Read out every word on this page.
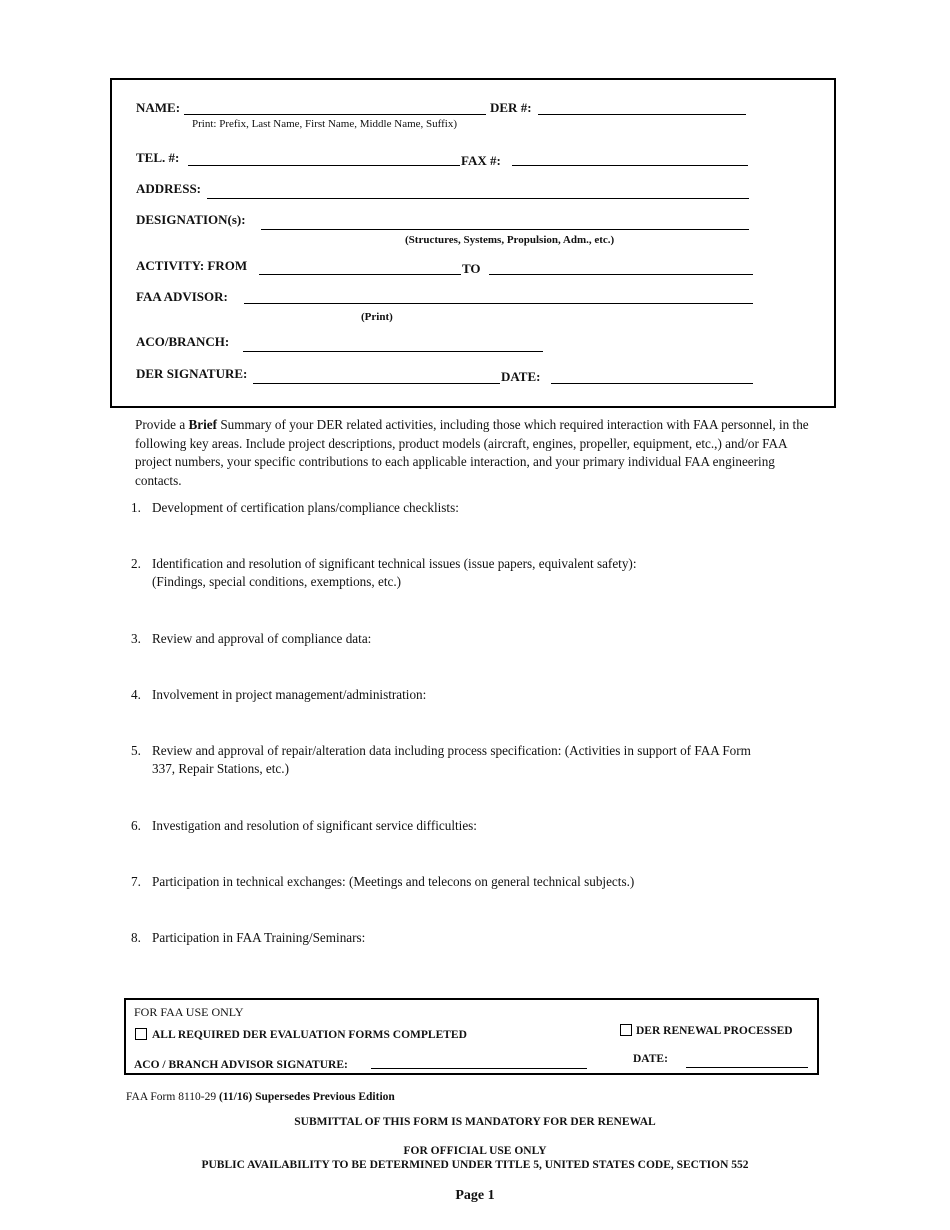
NAME:
Print: Prefix, Last Name, First Name, Middle Name, Suffix)
DER #:
TEL. #:	FAX #:
ADDRESS:
DESIGNATION(s):
(Structures, Systems, Propulsion, Adm., etc.)
ACTIVITY: FROM	TO
FAA ADVISOR:
(Print)
ACO/BRANCH:
DER SIGNATURE:	DATE:
Provide a Brief Summary of your DER related activities, including those which required interaction with FAA personnel, in the following key areas. Include project descriptions, product models (aircraft, engines, propeller, equipment, etc.,) and/or FAA project numbers, your specific contributions to each applicable interaction, and your primary individual FAA engineering contacts.
1. Development of certification plans/compliance checklists:
2. Identification and resolution of significant technical issues (issue papers, equivalent safety):
(Findings, special conditions, exemptions, etc.)
3. Review and approval of compliance data:
4. Involvement in project management/administration:
5. Review and approval of repair/alteration data including process specification: (Activities in support of FAA Form
337, Repair Stations, etc.)
6. Investigation and resolution of significant service difficulties:
7. Participation in technical exchanges: (Meetings and telecons on general technical subjects.)
8. Participation in FAA Training/Seminars:
FOR FAA USE ONLY
ALL REQUIRED DER EVALUATION FORMS COMPLETED	DER RENEWAL PROCESSED
ACO / BRANCH ADVISOR SIGNATURE:	DATE:
FAA Form 8110-29 (11/16) Supersedes Previous Edition
SUBMITTAL OF THIS FORM IS MANDATORY FOR DER RENEWAL
FOR OFFICIAL USE ONLY
PUBLIC AVAILABILITY TO BE DETERMINED UNDER TITLE 5, UNITED STATES CODE, SECTION 552
Page 1
